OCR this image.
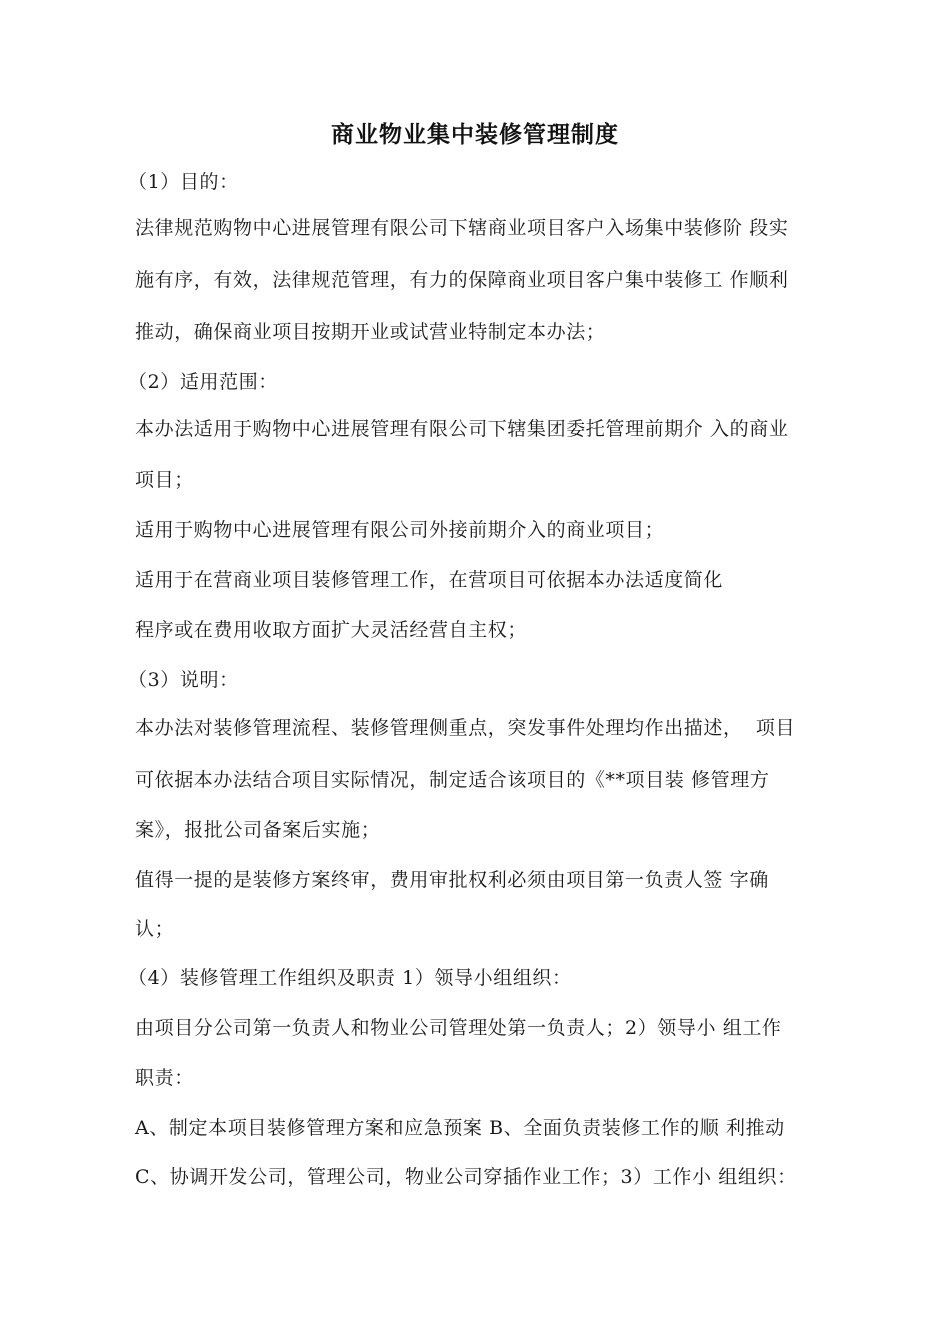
商业物业集中装修管理制度
（1）目的：
法律规范购物中心进展管理有限公司下辖商业项目客户入场集中装修阶 段实
施有序，有效，法律规范管理，有力的保障商业项目客户集中装修工 作顺利
推动，确保商业项目按期开业或试营业特制定本办法；
（2）适用范围：
本办法适用于购物中心进展管理有限公司下辖集团委托管理前期介 入的商业
项目；
适用于购物中心进展管理有限公司外接前期介入的商业项目；
适用于在营商业项目装修管理工作，在营项目可依据本办法适度简化
程序或在费用收取方面扩大灵活经营自主权；
（3）说明：
本办法对装修管理流程、装修管理侧重点，突发事件处理均作出描述，  项目
可依据本办法结合项目实际情况，制定适合该项目的《**项目装 修管理方
案》，报批公司备案后实施；
值得一提的是装修方案终审，费用审批权利必须由项目第一负责人签 字确
认；
（4）装修管理工作组织及职责 1）领导小组组织：
由项目分公司第一负责人和物业公司管理处第一负责人；2）领导小 组工作
职责：
A、制定本项目装修管理方案和应急预案 B、全面负责装修工作的顺 利推动
C、协调开发公司，管理公司，物业公司穿插作业工作；3）工作小 组组织：
